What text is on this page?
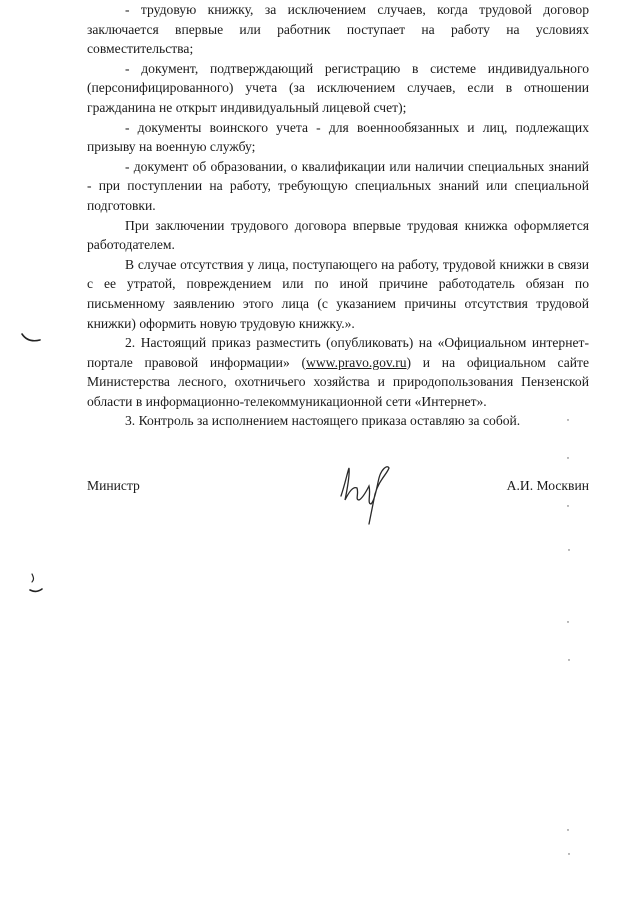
- трудовую книжку, за исключением случаев, когда трудовой договор заключается впервые или работник поступает на работу на условиях совместительства;

- документ, подтверждающий регистрацию в системе индивидуального (персонифицированного) учета (за исключением случаев, если в отношении гражданина не открыт индивидуальный лицевой счет);

- документы воинского учета - для военнообязанных и лиц, подлежащих призыву на военную службу;

- документ об образовании, о квалификации или наличии специальных знаний - при поступлении на работу, требующую специальных знаний или специальной подготовки.

При заключении трудового договора впервые трудовая книжка оформляется работодателем.

В случае отсутствия у лица, поступающего на работу, трудовой книжки в связи с ее утратой, повреждением или по иной причине работодатель обязан по письменному заявлению этого лица (с указанием причины отсутствия трудовой книжки) оформить новую трудовую книжку.».

2. Настоящий приказ разместить (опубликовать) на «Официальном интернет-портале правовой информации» (www.pravo.gov.ru) и на официальном сайте Министерства лесного, охотничьего хозяйства и природопользования Пензенской области в информационно-телекоммуникационной сети «Интернет».

3. Контроль за исполнением настоящего приказа оставляю за собой.

Министр	А.И. Москвин
